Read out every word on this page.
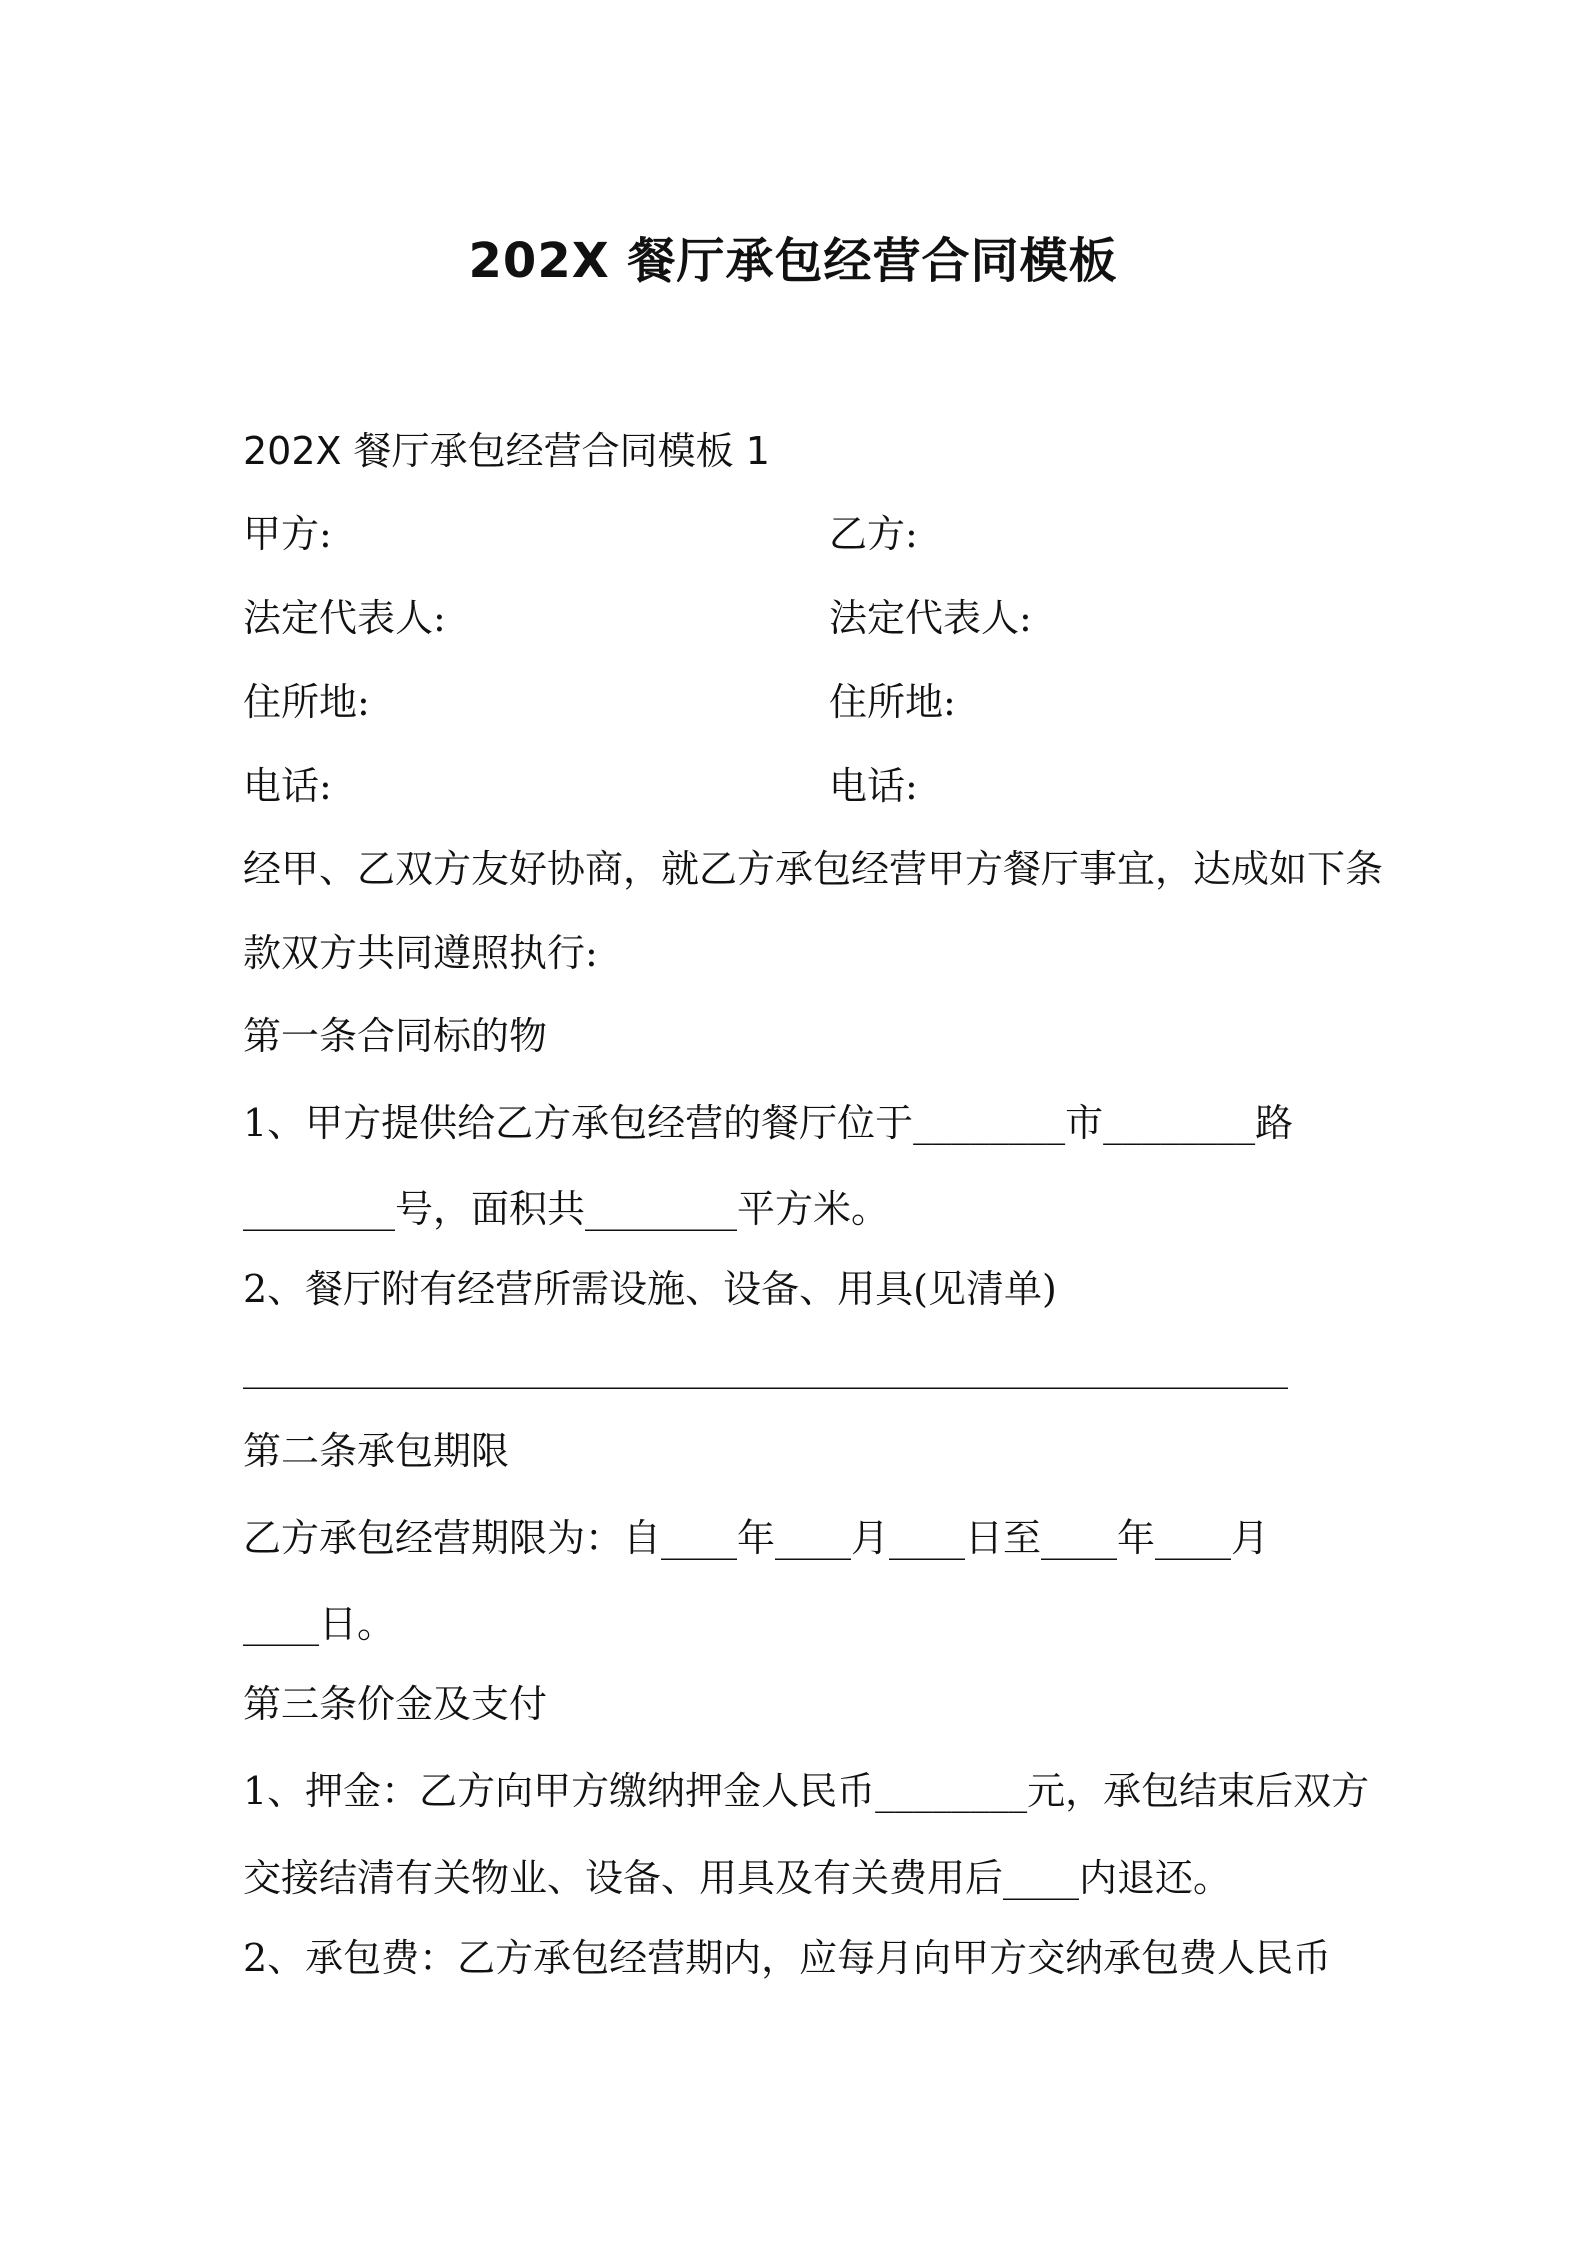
202X 餐厅承包经营合同模板
202X 餐厅承包经营合同模板 1
甲方:	乙方:
法定代表人:	法定代表人:
住所地:	住所地:
电话:	电话:
经甲、乙双方友好协商，就乙方承包经营甲方餐厅事宜，达成如下条
款双方共同遵照执行:
第一条合同标的物
1、甲方提供给乙方承包经营的餐厅位于________市________路
________号，面积共________平方米。
2、餐厅附有经营所需设施、设备、用具(见清单)
_______________________________________________________
第二条承包期限
乙方承包经营期限为：自____年____月____日至____年____月
____日。
第三条价金及支付
1、押金：乙方向甲方缴纳押金人民币________元，承包结束后双方
交接结清有关物业、设备、用具及有关费用后____内退还。
2、承包费：乙方承包经营期内，应每月向甲方交纳承包费人民币
